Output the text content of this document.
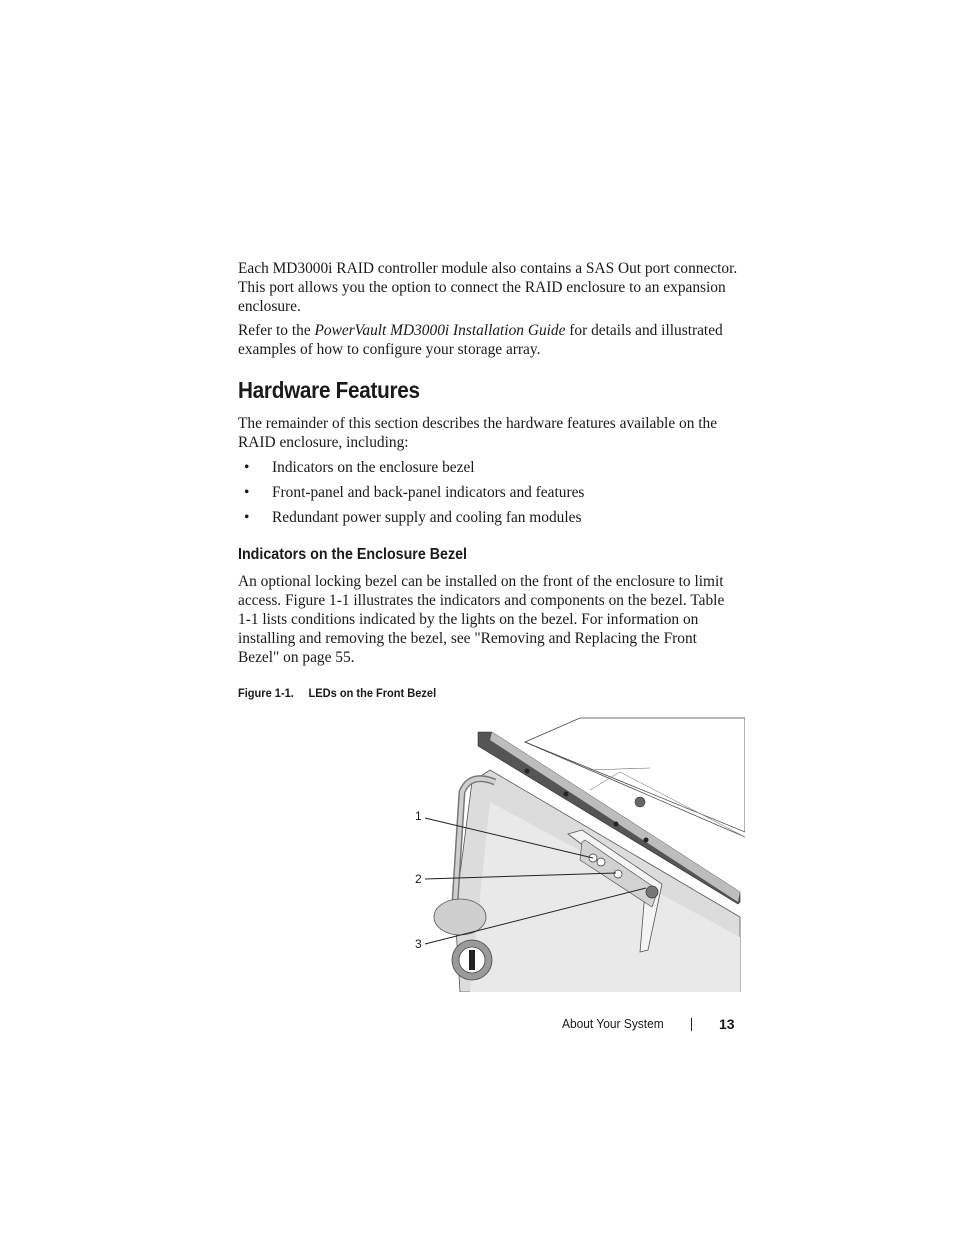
Each MD3000i RAID controller module also contains a SAS Out port connector. This port allows you the option to connect the RAID enclosure to an expansion enclosure.

Refer to the PowerVault MD3000i Installation Guide for details and illustrated examples of how to configure your storage array.

Hardware Features

The remainder of this section describes the hardware features available on the RAID enclosure, including:

• Indicators on the enclosure bezel
• Front-panel and back-panel indicators and features
• Redundant power supply and cooling fan modules
Indicators on the Enclosure Bezel

An optional locking bezel can be installed on the front of the enclosure to limit access. Figure 1-1 illustrates the indicators and components on the bezel. Table 1-1 lists conditions indicated by the lights on the bezel. For information on installing and removing the bezel, see "Removing and Replacing the Front Bezel" on page 55.

Figure 1-1. LEDs on the Front Bezel

1
2
3
About Your System	13
